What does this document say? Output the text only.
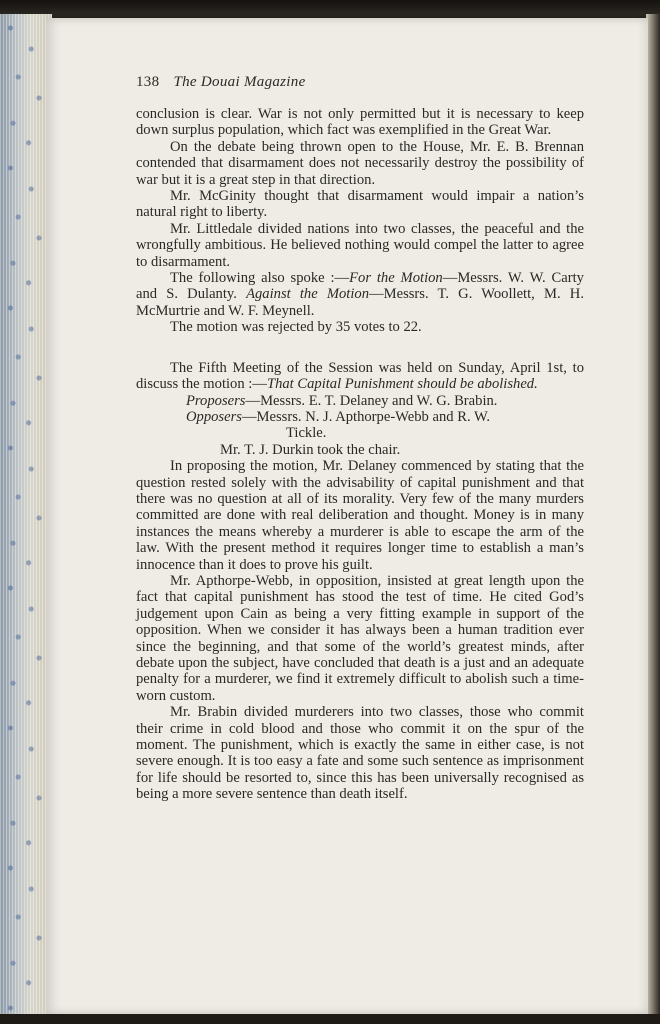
138 The Douai Magazine

conclusion is clear. War is not only permitted but it is necessary to keep down surplus population, which fact was exemplified in the Great War.

On the debate being thrown open to the House, Mr. E. B. Brennan contended that disarmament does not necessarily destroy the possibility of war but it is a great step in that direction.

Mr. McGinity thought that disarmament would impair a nation’s natural right to liberty.

Mr. Littledale divided nations into two classes, the peaceful and the wrongfully ambitious. He believed nothing would compel the latter to agree to disarmament.

The following also spoke :—For the Motion—Messrs. W. W. Carty and S. Dulanty. Against the Motion—Messrs. T. G. Woollett, M. H. McMurtrie and W. F. Meynell.

The motion was rejected by 35 votes to 22.

The Fifth Meeting of the Session was held on Sunday, April 1st, to discuss the motion :—That Capital Punishment should be abolished.

Proposers—Messrs. E. T. Delaney and W. G. Brabin.

Opposers—Messrs. N. J. Apthorpe-Webb and R. W.
Tickle.

Mr. T. J. Durkin took the chair.

In proposing the motion, Mr. Delaney commenced by stating that the question rested solely with the advisability of capital punishment and that there was no question at all of its morality. Very few of the many murders committed are done with real deliberation and thought. Money is in many instances the means whereby a murderer is able to escape the arm of the law. With the present method it requires longer time to establish a man’s innocence than it does to prove his guilt.

Mr. Apthorpe-Webb, in opposition, insisted at great length upon the fact that capital punishment has stood the test of time. He cited God’s judgement upon Cain as being a very fitting example in support of the opposition. When we consider it has always been a human tradition ever since the beginning, and that some of the world’s greatest minds, after debate upon the subject, have concluded that death is a just and an adequate penalty for a murderer, we find it extremely difficult to abolish such a time-worn custom.

Mr. Brabin divided murderers into two classes, those who commit their crime in cold blood and those who commit it on the spur of the moment. The punishment, which is exactly the same in either case, is not severe enough. It is too easy a fate and some such sentence as imprisonment for life should be resorted to, since this has been universally recognised as being a more severe sentence than death itself.
